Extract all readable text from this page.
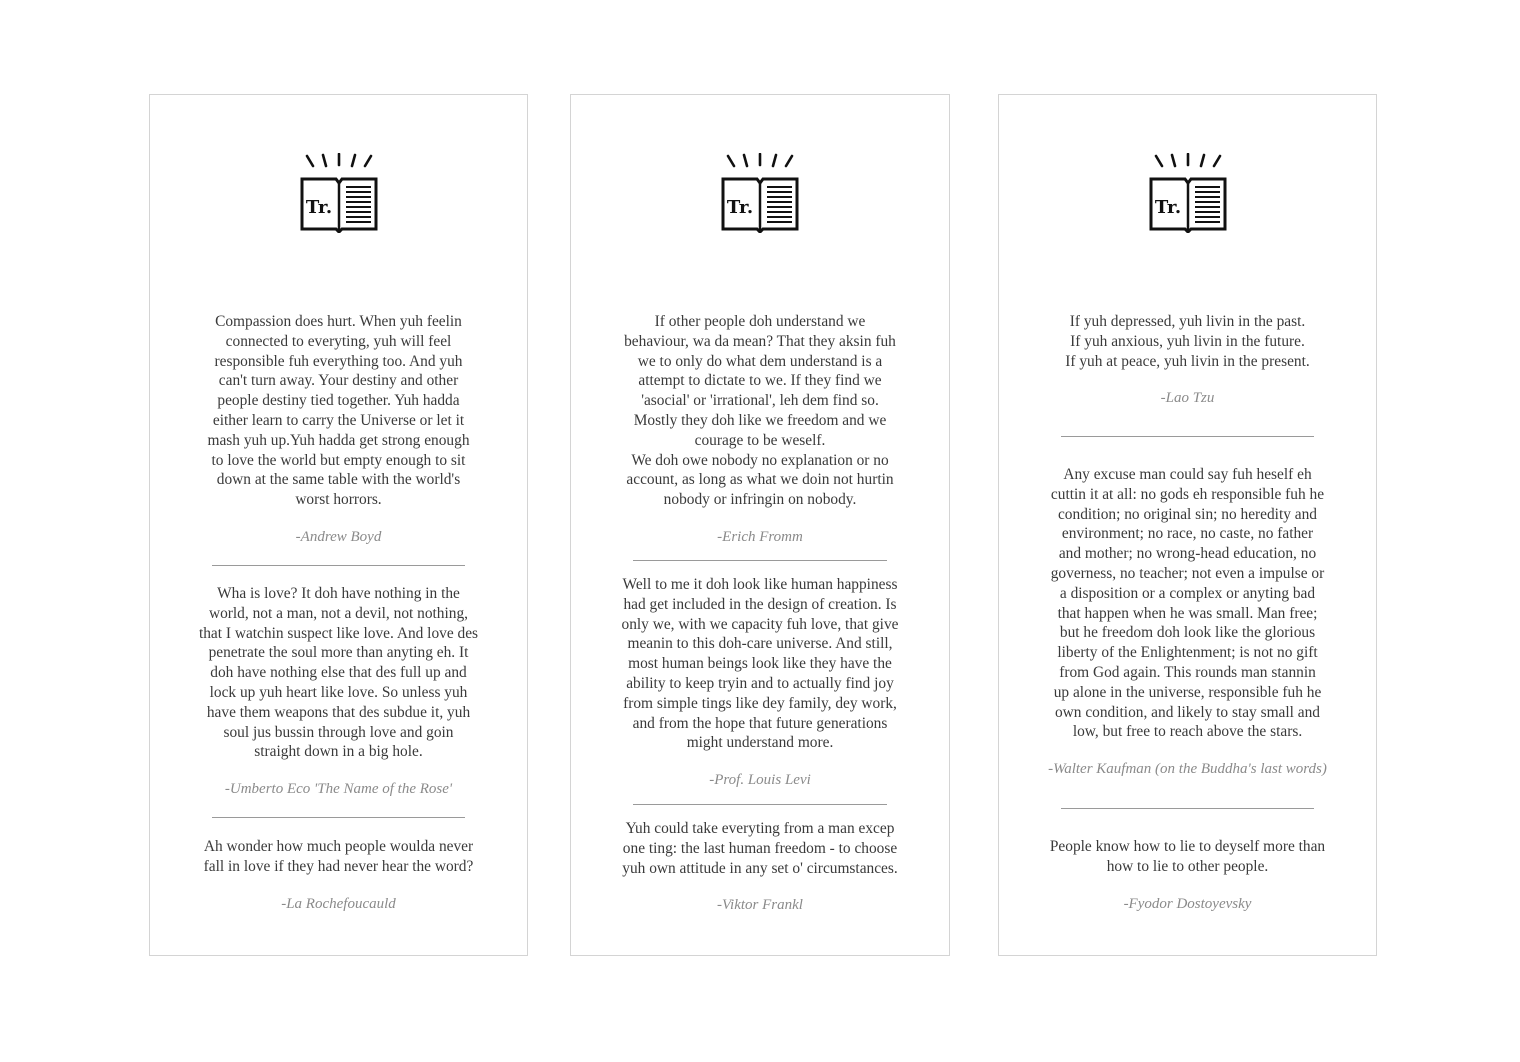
Tr.

Compassion does hurt. When yuh feelin
connected to everyting, yuh will feel
responsible fuh everything too. And yuh
can't turn away. Your destiny and other
people destiny tied together. Yuh hadda
either learn to carry the Universe or let it
mash yuh up.Yuh hadda get strong enough
to love the world but empty enough to sit
down at the same table with the world's
worst horrors.

-Andrew Boyd

Wha is love? It doh have nothing in the
world, not a man, not a devil, not nothing,
that I watchin suspect like love. And love des
penetrate the soul more than anyting eh. It
doh have nothing else that des full up and
lock up yuh heart like love. So unless yuh
have them weapons that des subdue it, yuh
soul jus bussin through love and goin
straight down in a big hole.

-Umberto Eco 'The Name of the Rose'

Ah wonder how much people woulda never
fall in love if they had never hear the word?

-La Rochefoucauld
Tr.

If other people doh understand we
behaviour, wa da mean? That they aksin fuh
we to only do what dem understand is a
attempt to dictate to we. If they find we
'asocial' or 'irrational', leh dem find so.
Mostly they doh like we freedom and we
courage to be weself.
We doh owe nobody no explanation or no
account, as long as what we doin not hurtin
nobody or infringin on nobody.

-Erich Fromm

Well to me it doh look like human happiness
had get included in the design of creation. Is
only we, with we capacity fuh love, that give
meanin to this doh-care universe. And still,
most human beings look like they have the
ability to keep tryin and to actually find joy
from simple tings like dey family, dey work,
and from the hope that future generations
might understand more.

-Prof. Louis Levi

Yuh could take everyting from a man excep
one ting: the last human freedom - to choose
yuh own attitude in any set o' circumstances.

-Viktor Frankl
Tr.

If yuh depressed, yuh livin in the past.
If yuh anxious, yuh livin in the future.
If yuh at peace, yuh livin in the present.

-Lao Tzu

Any excuse man could say fuh heself eh
cuttin it at all: no gods eh responsible fuh he
condition; no original sin; no heredity and
environment; no race, no caste, no father
and mother; no wrong-head education, no
governess, no teacher; not even a impulse or
a disposition or a complex or anyting bad
that happen when he was small. Man free;
but he freedom doh look like the glorious
liberty of the Enlightenment; is not no gift
from God again. This rounds man stannin
up alone in the universe, responsible fuh he
own condition, and likely to stay small and
low, but free to reach above the stars.

-Walter Kaufman (on the Buddha's last words)

People know how to lie to deyself more than
how to lie to other people.

-Fyodor Dostoyevsky
